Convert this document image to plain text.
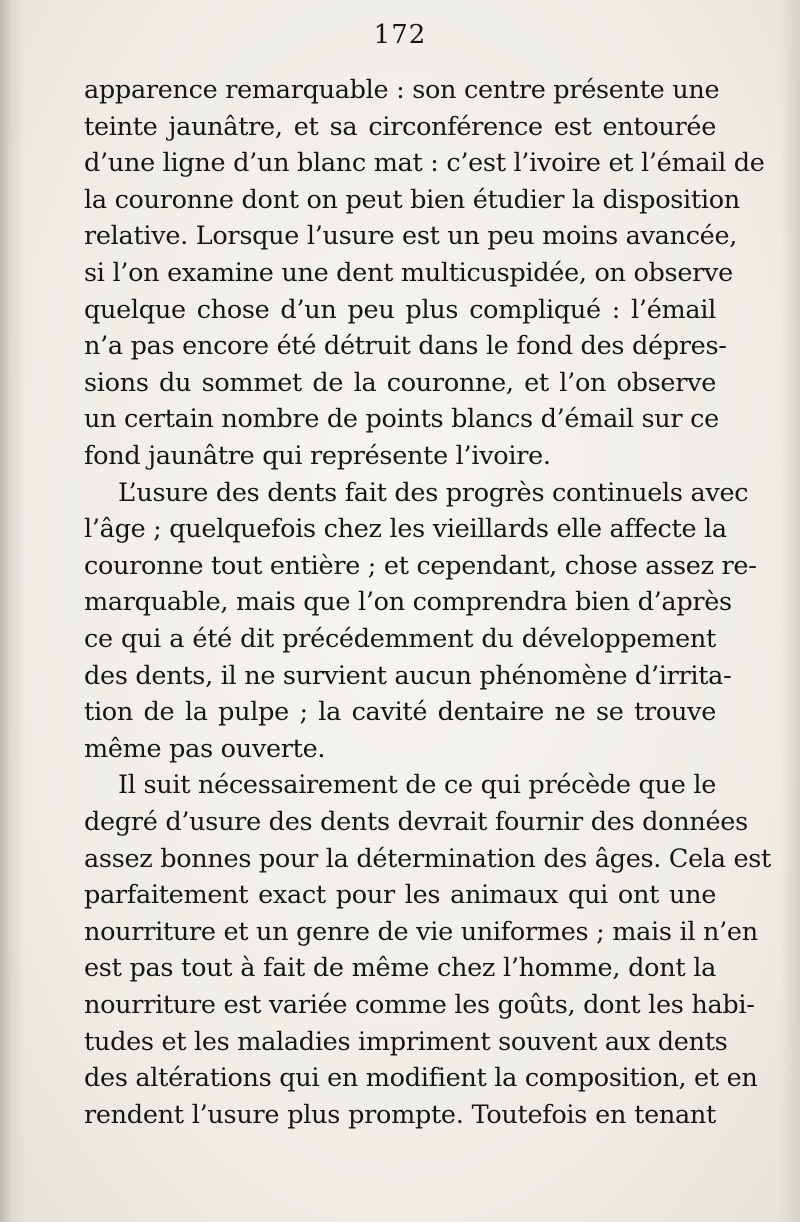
172
apparence remarquable : son centre présente une
teinte jaunâtre, et sa circonférence est entourée
d’une ligne d’un blanc mat : c’est l’ivoire et l’émail de
la couronne dont on peut bien étudier la disposition
relative. Lorsque l’usure est un peu moins avancée,
si l’on examine une dent multicuspidée, on observe
quelque chose d’un peu plus compliqué : l’émail
n’a pas encore été détruit dans le fond des dépres-
sions du sommet de la couronne, et l’on observe
un certain nombre de points blancs d’émail sur ce
fond jaunâtre qui représente l’ivoire.
L’usure des dents fait des progrès continuels avec
l’âge ; quelquefois chez les vieillards elle affecte la
couronne tout entière ; et cependant, chose assez re-
marquable, mais que l’on comprendra bien d’après
ce qui a été dit précédemment du développement
des dents, il ne survient aucun phénomène d’irrita-
tion de la pulpe ; la cavité dentaire ne se trouve
même pas ouverte.
Il suit nécessairement de ce qui précède que le
degré d’usure des dents devrait fournir des données
assez bonnes pour la détermination des âges. Cela est
parfaitement exact pour les animaux qui ont une
nourriture et un genre de vie uniformes ; mais il n’en
est pas tout à fait de même chez l’homme, dont la
nourriture est variée comme les goûts, dont les habi-
tudes et les maladies impriment souvent aux dents
des altérations qui en modifient la composition, et en
rendent l’usure plus prompte. Toutefois en tenant
